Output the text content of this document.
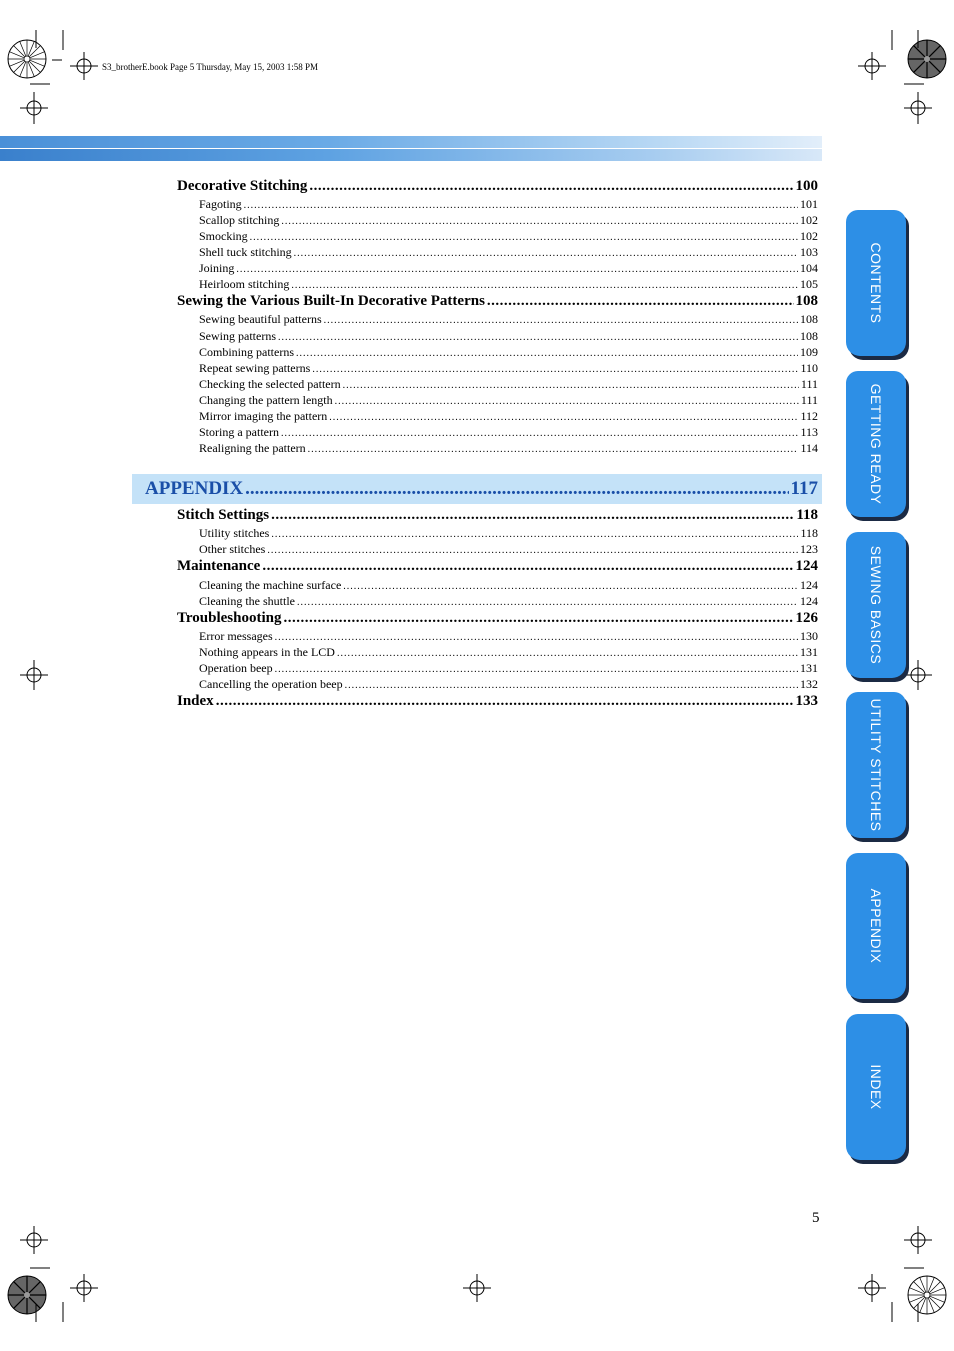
S3_brotherE.book Page 5 Thursday, May 15, 2003 1:58 PM
Decorative Stitching .....	100
Fagoting .....	101
Scallop stitching .....	102
Smocking .....	102
Shell tuck stitching .....	103
Joining .....	104
Heirloom stitching .....	105
Sewing the Various Built-In Decorative Patterns .....	108
Sewing beautiful patterns .....	108
Sewing patterns .....	108
Combining patterns .....	109
Repeat sewing patterns .....	110
Checking the selected pattern .....	111
Changing the pattern length .....	111
Mirror imaging the pattern .....	112
Storing a pattern .....	113
Realigning the pattern .....	114
APPENDIX .....	117
Stitch Settings .....	118
Utility stitches .....	118
Other stitches .....	123
Maintenance .....	124
Cleaning the machine surface .....	124
Cleaning the shuttle .....	124
Troubleshooting .....	126
Error messages .....	130
Nothing appears in the LCD .....	131
Operation beep .....	131
Cancelling the operation beep .....	132
Index .....	133
CONTENTS
GETTING READY
SEWING BASICS
UTILITY STITCHES
APPENDIX
INDEX
5
